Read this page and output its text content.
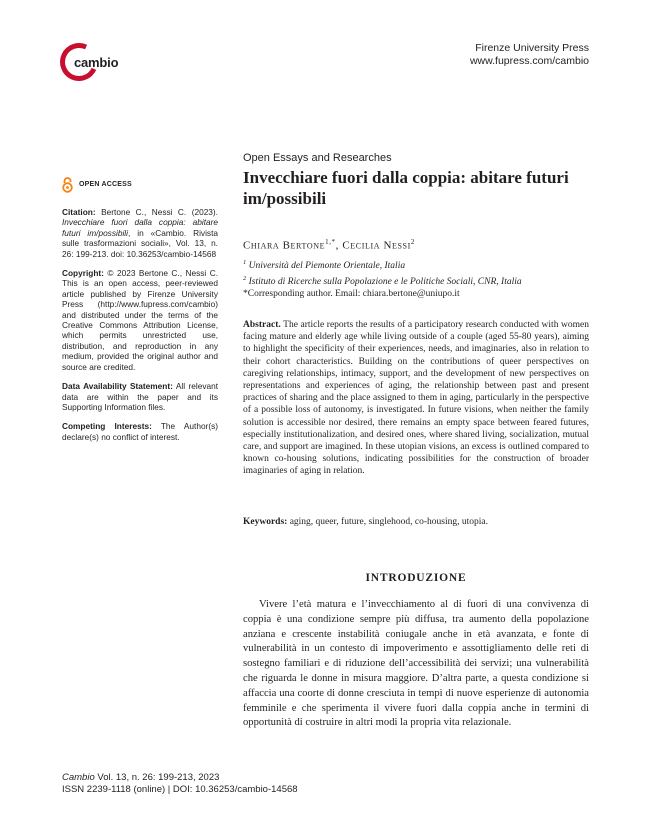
cambio
Firenze University Press
www.fupress.com/cambio
OPEN ACCESS
Citation: Bertone C., Nessi C. (2023). Invecchiare fuori dalla coppia: abitare futuri im/possibili, in «Cambio. Rivista sulle trasformazioni sociali», Vol. 13, n. 26: 199-213. doi: 10.36253/cambio-14568
Copyright: © 2023 Bertone C., Nessi C. This is an open access, peer-reviewed article published by Firenze University Press (http://www.fupress.com/cambio) and distributed under the terms of the Creative Commons Attribution License, which permits unrestricted use, distribution, and reproduction in any medium, provided the original author and source are credited.
Data Availability Statement: All relevant data are within the paper and its Supporting Information files.
Competing Interests: The Author(s) declare(s) no conflict of interest.
Open Essays and Researches
Invecchiare fuori dalla coppia: abitare futuri im/possibili
Chiara Bertone$^{1,*}$, Cecilia Nessi$^2$
$^1$ Università del Piemonte Orientale, Italia
$^2$ Istituto di Ricerche sulla Popolazione e le Politiche Sociali, CNR, Italia
*Corresponding author. Email: chiara.bertone@uniupo.it

Abstract. The article reports the results of a participatory research conducted with women facing mature and elderly age while living outside of a couple (aged 55-80 years), aiming to highlight the specificity of their experiences, needs, and imaginaries, also in relation to their cohort characteristics. Building on the contributions of queer perspectives on caregiving relationships, intimacy, support, and the development of new perspectives on representations and experiences of aging, the relationship between past and present practices of sharing and the place assigned to them in aging, particularly in the perspective of a possible loss of autonomy, is investigated. In future visions, when neither the family solution is accessible nor desired, there remains an empty space between feared futures, especially institutionalization, and desired ones, where shared living, socialization, mutual care, and support are imagined. In these utopian visions, an excess is outlined compared to known co-housing solutions, indicating possibilities for the construction of broader imaginaries of aging in relation.

Keywords: aging, queer, future, singlehood, co-housing, utopia.

INTRODUZIONE

Vivere l’età matura e l’invecchiamento al di fuori di una convivenza di coppia è una condizione sempre più diffusa, tra aumento della popolazione anziana e crescente instabilità coniugale anche in età avanzata, e fonte di vulnerabilità in un contesto di impoverimento e assottigliamento delle reti di sostegno familiari e di riduzione dell’accessibilità dei servizi; una vulnerabilità che riguarda le donne in misura maggiore. D’altra parte, a questa condizione si affaccia una coorte di donne cresciuta in tempi di nuove esperienze di autonomia femminile e che sperimenta il vivere fuori dalla coppia anche in termini di opportunità di costruire in altri modi la propria vita relazionale.

Cambio Vol. 13, n. 26: 199-213, 2023
ISSN 2239-1118 (online) | DOI: 10.36253/cambio-14568
